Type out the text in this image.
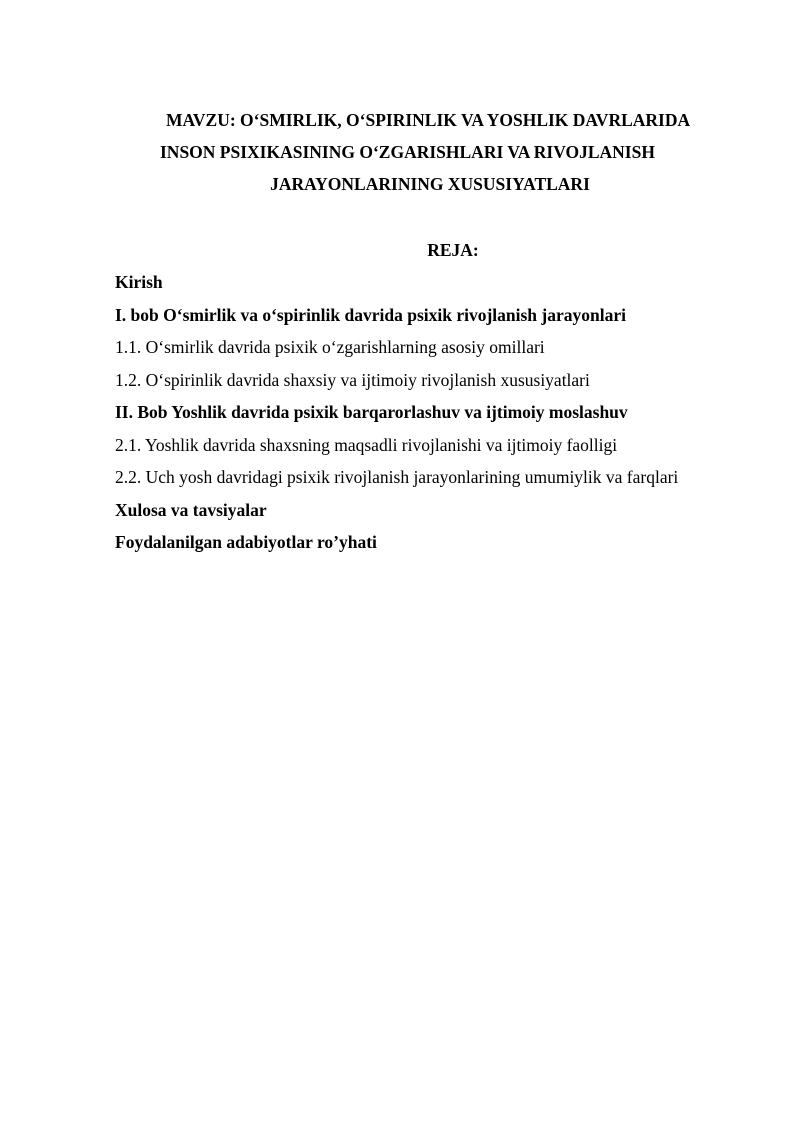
MAVZU: O‘SMIRLIK, O‘SPIRINLIK VA YOSHLIK DAVRLARIDA
INSON PSIXIKASINING O‘ZGARISHLARI VA RIVOJLANISH
JARAYONLARINING XUSUSIYATLARI
REJA:
Kirish
I. bob O‘smirlik va o‘spirinlik davrida psixik rivojlanish jarayonlari
1.1. O‘smirlik davrida psixik o‘zgarishlarning asosiy omillari
1.2. O‘spirinlik davrida shaxsiy va ijtimoiy rivojlanish xususiyatlari
II. Bob Yoshlik davrida psixik barqarorlashuv va ijtimoiy moslashuv
2.1. Yoshlik davrida shaxsning maqsadli rivojlanishi va ijtimoiy faolligi
2.2. Uch yosh davridagi psixik rivojlanish jarayonlarining umumiylik va farqlari
Xulosa va tavsiyalar
Foydalanilgan adabiyotlar ro’yhati
